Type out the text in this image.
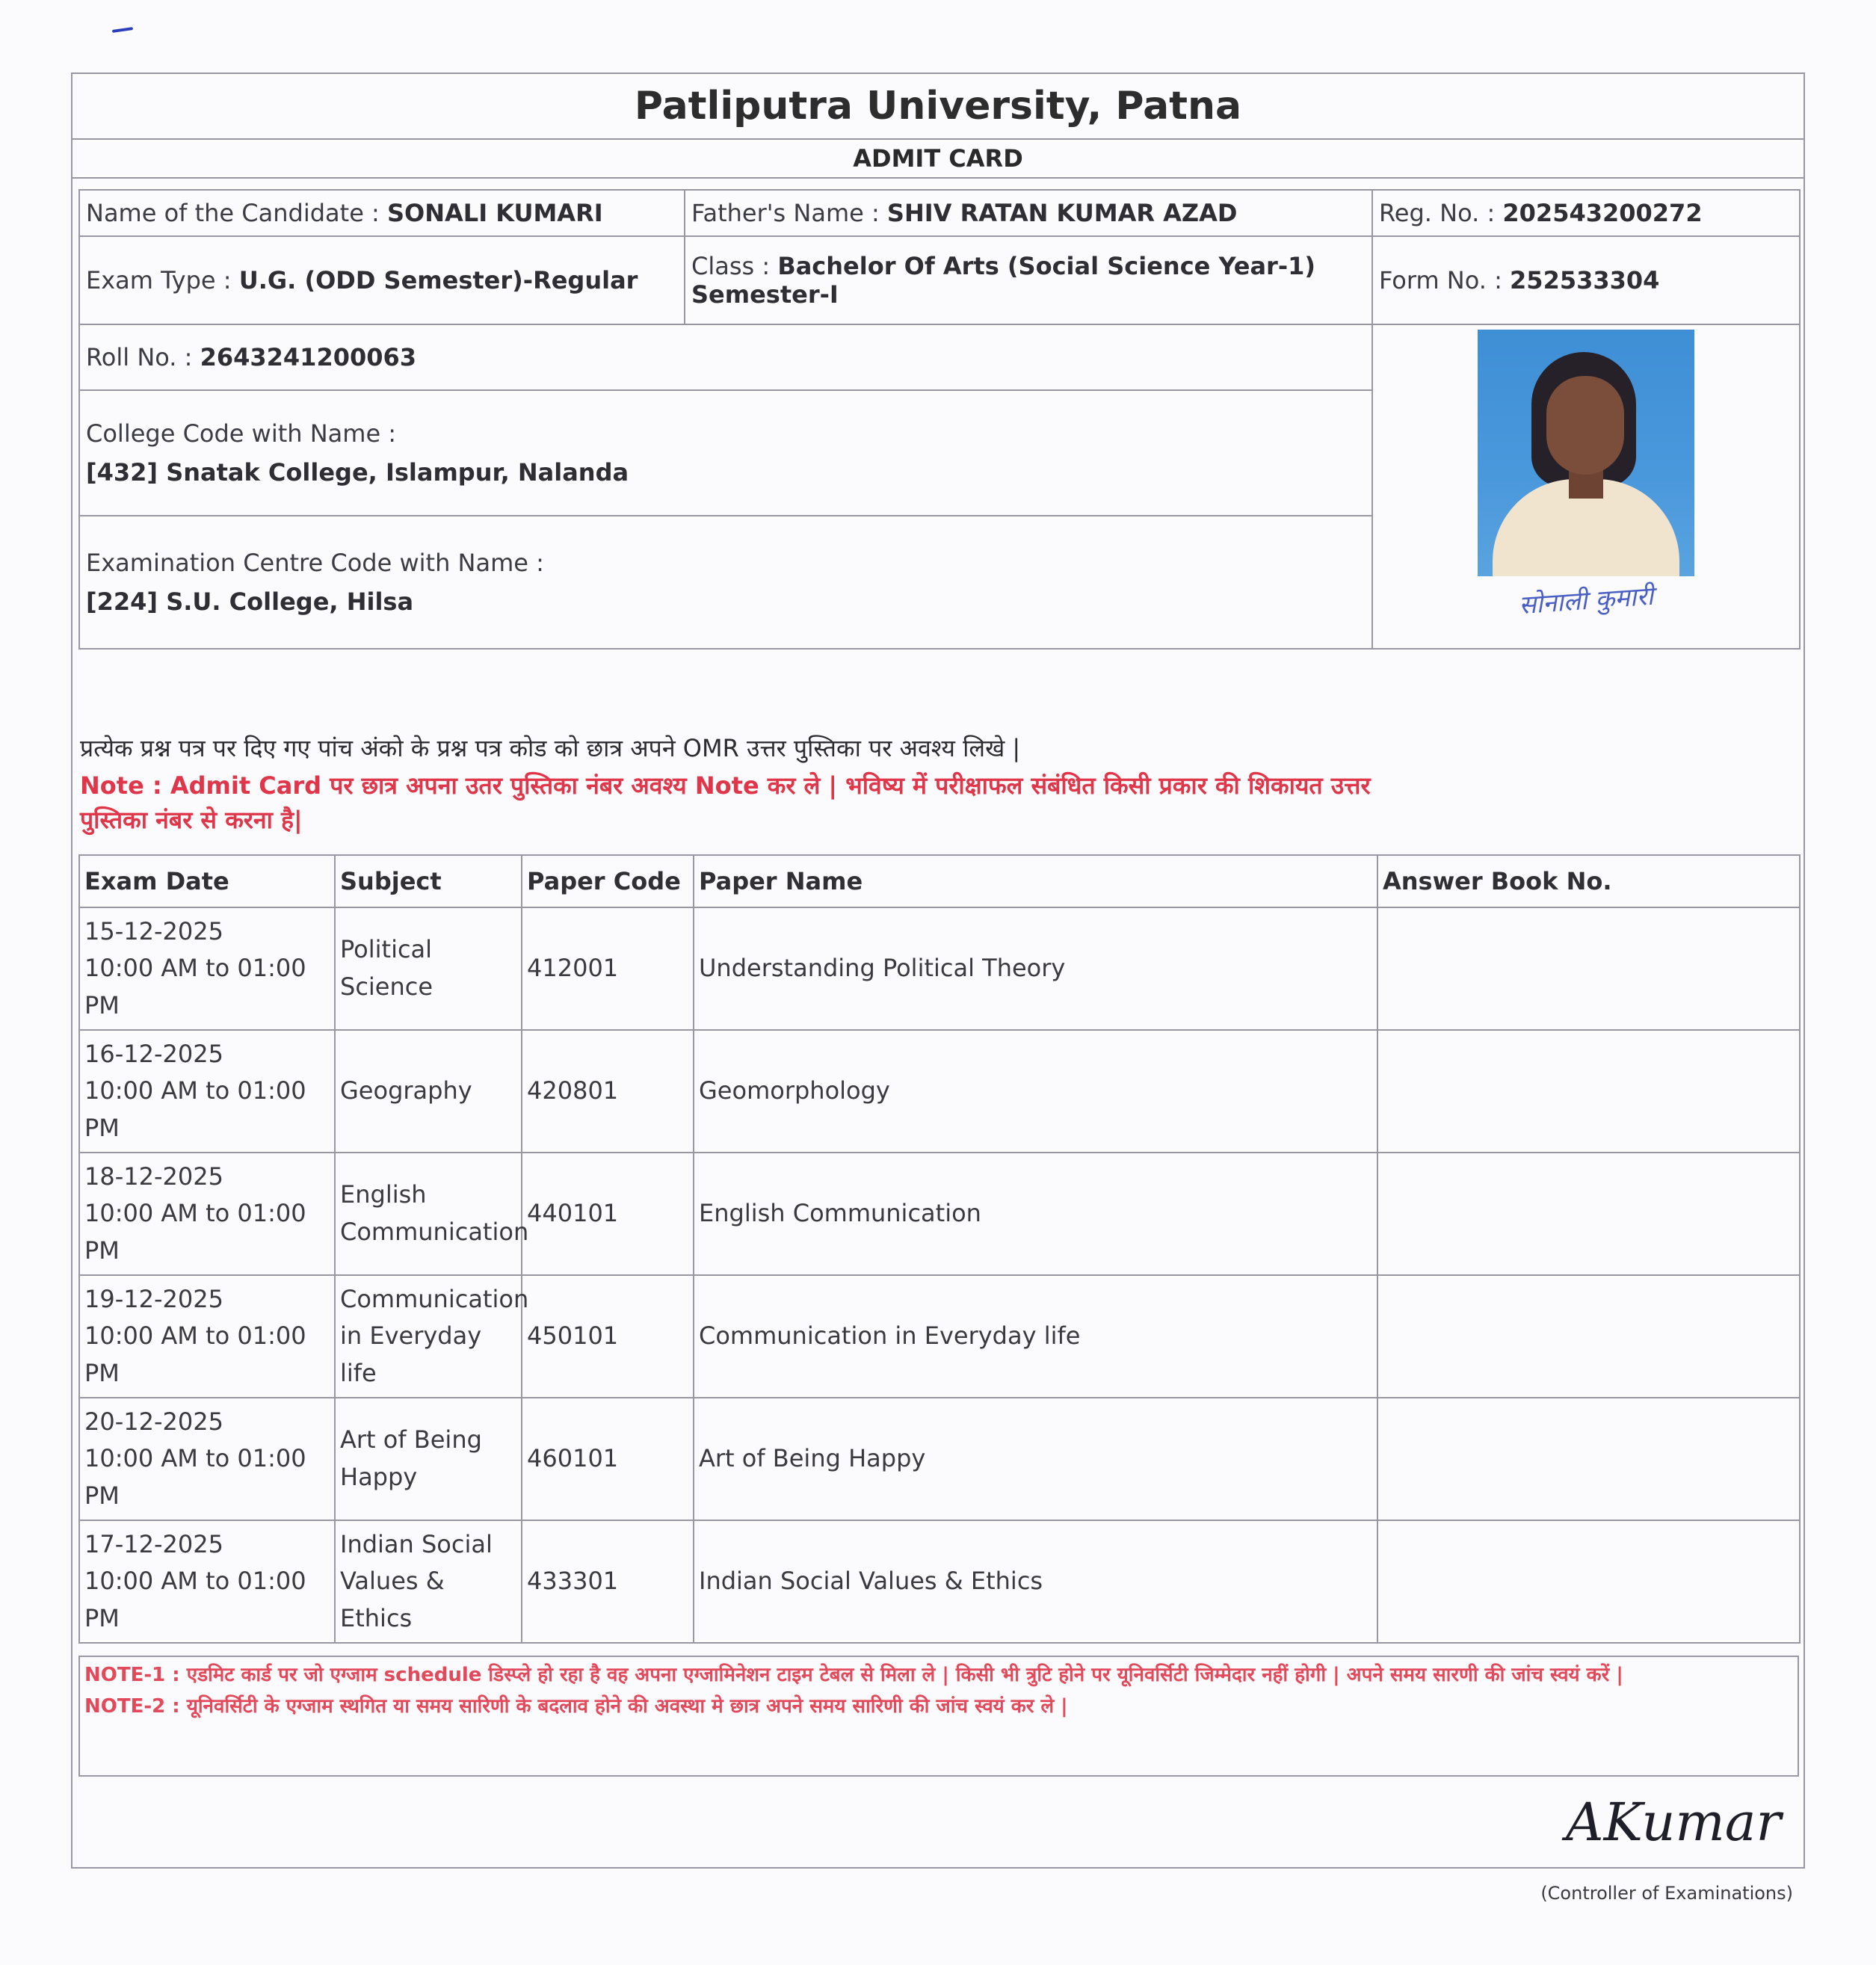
Patliputra University, Patna
ADMIT CARD
Name of the Candidate : SONALI KUMARI	Father's Name : SHIV RATAN KUMAR AZAD	Reg. No. : 202543200272
Exam Type : U.G. (ODD Semester)-Regular	Class : Bachelor Of Arts (Social Science Year-1) Semester-I	Form No. : 252533304
Roll No. : 2643241200063		सोनाली कुमारी

College Code with Name :
[432] Snatak College, Islampur, Nalanda		

Examination Centre Code with Name :
[224] S.U. College, Hilsa		
प्रत्येक प्रश्न पत्र पर दिए गए पांच अंको के प्रश्न पत्र कोड को छात्र अपने OMR उत्तर पुस्तिका पर अवश्य लिखे |
Note : Admit Card पर छात्र अपना उतर पुस्तिका नंबर अवश्य Note कर ले | भविष्य में परीक्षाफल संबंधित किसी प्रकार की शिकायत उत्तर पुस्तिका नंबर से करना है|
Exam Date	Subject	Paper Code	Paper Name	Answer Book No.

15-12-2025
10:00 AM to 01:00 PM	Political Science	412001	Understanding Political Theory	

16-12-2025
10:00 AM to 01:00 PM	Geography	420801	Geomorphology	

18-12-2025
10:00 AM to 01:00 PM	English Communication	440101	English Communication	

19-12-2025
10:00 AM to 01:00 PM	Communication in Everyday life	450101	Communication in Everyday life	

20-12-2025
10:00 AM to 01:00 PM	Art of Being Happy	460101	Art of Being Happy	

17-12-2025
10:00 AM to 01:00 PM	Indian Social Values & Ethics	433301	Indian Social Values & Ethics	
NOTE-1 : एडमिट कार्ड पर जो एग्जाम schedule डिस्प्ले हो रहा है वह अपना एग्जामिनेशन टाइम टेबल से मिला ले | किसी भी त्रुटि होने पर यूनिवर्सिटी जिम्मेदार नहीं होगी | अपने समय सारणी की जांच स्वयं करें |
NOTE-2 : यूनिवर्सिटी के एग्जाम स्थगित या समय सारिणी के बदलाव होने की अवस्था मे छात्र अपने समय सारिणी की जांच स्वयं कर ले |
AKumar
(Controller of Examinations)
